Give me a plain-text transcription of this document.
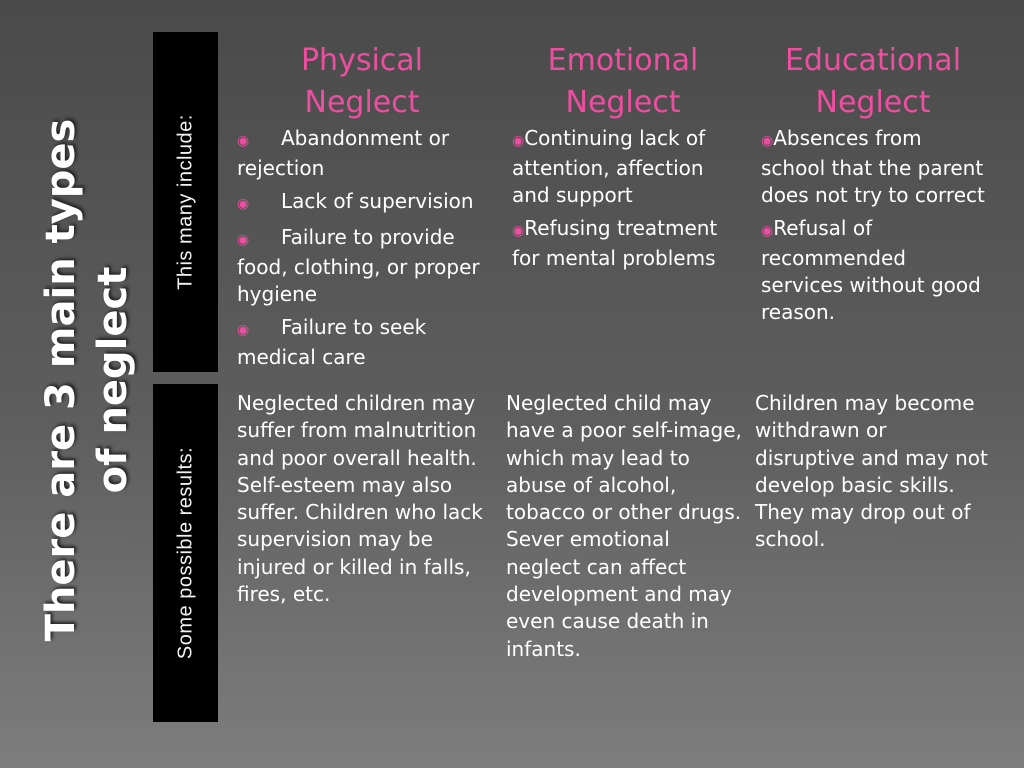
There are 3 main types of neglect
This many include:
Some possible results:
Physical
Neglect
Emotional
Neglect
Educational
Neglect
◉ Abandonment or rejection
◉ Lack of supervision
◉ Failure to provide food, clothing, or proper hygiene
◉ Failure to seek medical care
◉Continuing lack of attention, affection and support
◉Refusing treatment for mental problems
◉Absences from school that the parent does not try to correct
◉Refusal of recommended services without good reason.
Neglected children may suffer from malnutrition and poor overall health. Self-esteem may also suffer. Children who lack supervision may be injured or killed in falls, fires, etc.
Neglected child may have a poor self-image, which may lead to abuse of alcohol, tobacco or other drugs. Sever emotional neglect can affect development and may even cause death in infants.
Children may become withdrawn or disruptive and may not develop basic skills. They may drop out of school.
